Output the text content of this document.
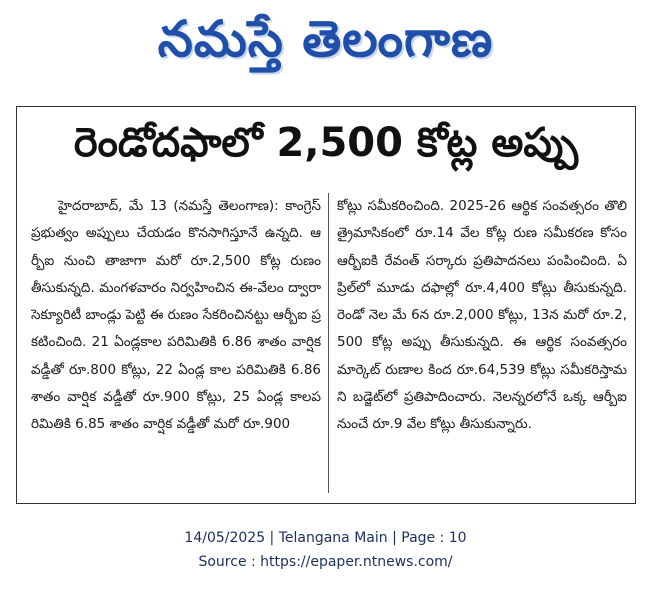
నమస్తే తెలంగాణ
రెండోదఫాలో 2,500 కోట్ల అప్పు
హైదరాబాద్, మే 13 (నమస్తే తెలంగాణ): కాంగ్రెస్ ప్రభుత్వం అప్పులు చేయడం కొనసాగిస్తూనే ఉన్నది. ఆర్బీఐ నుంచి తాజాగా మరో రూ.2,500 కోట్ల రుణం తీసుకున్నది. మంగళవారం నిర్వహించిన ఈ-వేలం ద్వారా సెక్యూరిటీ బాండ్లు పెట్టి ఈ రుణం సేకరించినట్టు ఆర్బీఐ ప్రకటించింది. 21 ఏండ్లకాల పరిమితికి 6.86 శాతం వార్షిక వడ్డీతో రూ.800 కోట్లు, 22 ఏండ్ల కాల పరిమితికి 6.86 శాతం వార్షిక వడ్డీతో రూ.900 కోట్లు, 25 ఏండ్ల కాలపరిమితికి 6.85 శాతం వార్షిక వడ్డీతో మరో రూ.900
కోట్లు సమీకరించింది. 2025-26 ఆర్థిక సంవత్సరం తొలి త్రైమాసికంలో రూ.14 వేల కోట్ల రుణ సమీకరణ కోసం ఆర్బీఐకి రేవంత్ సర్కారు ప్రతిపాదనలు పంపించింది. ఏప్రిల్‌లో మూడు దఫాల్లో రూ.4,400 కోట్లు తీసుకున్నది. రెండో నెల మే 6న రూ.2,000 కోట్లు, 13న మరో రూ.2,500 కోట్ల అప్పు తీసుకున్నది. ఈ ఆర్థిక సంవత్సరం మార్కెట్ రుణాల కింద రూ.64,539 కోట్లు సమీకరిస్తామని బడ్జెట్‌లో ప్రతిపాదించారు. నెలన్నరలోనే ఒక్క ఆర్బీఐ నుంచే రూ.9 వేల కోట్లు తీసుకున్నారు.
14/05/2025 | Telangana Main | Page : 10
Source : https://epaper.ntnews.com/
